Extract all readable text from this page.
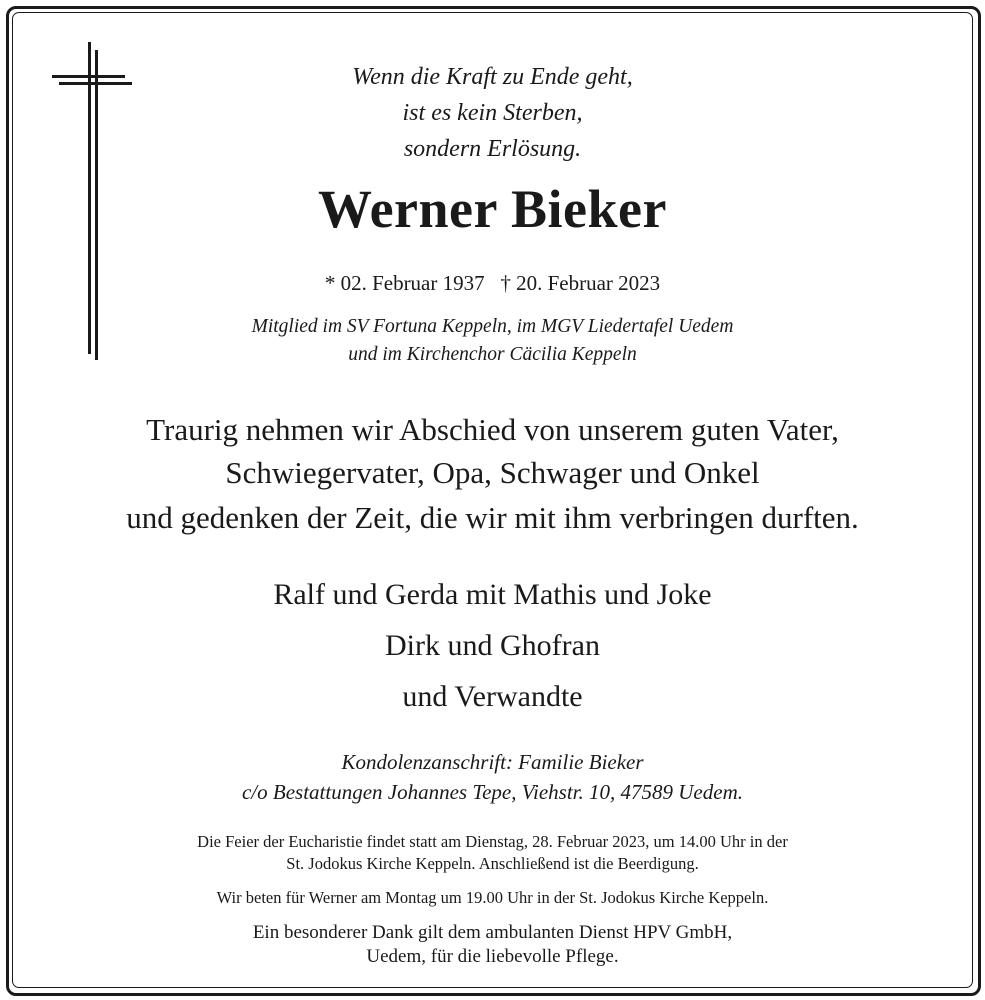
Wenn die Kraft zu Ende geht,
ist es kein Sterben,
sondern Erlösung.
Werner Bieker
* 02. Februar 1937   † 20. Februar 2023
Mitglied im SV Fortuna Keppeln, im MGV Liedertafel Uedem
und im Kirchenchor Cäcilia Keppeln
Traurig nehmen wir Abschied von unserem guten Vater,
Schwiegervater, Opa, Schwager und Onkel
und gedenken der Zeit, die wir mit ihm verbringen durften.
Ralf und Gerda mit Mathis und Joke
Dirk und Ghofran
und Verwandte
Kondolenzanschrift: Familie Bieker
c/o Bestattungen Johannes Tepe, Viehstr. 10, 47589 Uedem.
Die Feier der Eucharistie findet statt am Dienstag, 28. Februar 2023, um 14.00 Uhr in der
St. Jodokus Kirche Keppeln. Anschließend ist die Beerdigung.
Wir beten für Werner am Montag um 19.00 Uhr in der St. Jodokus Kirche Keppeln.
Ein besonderer Dank gilt dem ambulanten Dienst HPV GmbH,
Uedem, für die liebevolle Pflege.
